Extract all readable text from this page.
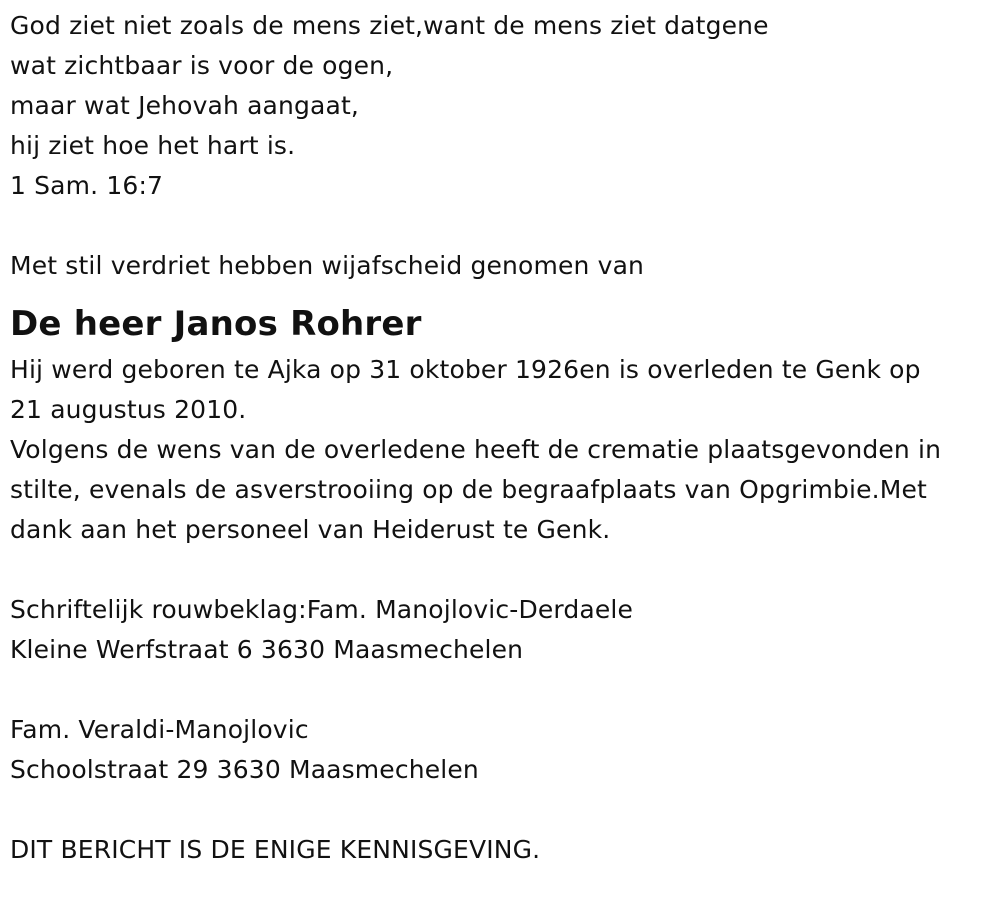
God ziet niet zoals de mens ziet,want de mens ziet datgene
wat zichtbaar is voor de ogen,
maar wat Jehovah aangaat,
hij ziet hoe het hart is.
1 Sam. 16:7
Met stil verdriet hebben wijafscheid genomen van
De heer Janos Rohrer
Hij werd geboren te Ajka op 31 oktober 1926en is overleden te Genk op
21 augustus 2010.
Volgens de wens van de overledene heeft de crematie plaatsgevonden in
stilte, evenals de asverstrooiing op de begraafplaats van Opgrimbie.Met
dank aan het personeel van Heiderust te Genk.
Schriftelijk rouwbeklag:Fam. Manojlovic-Derdaele
Kleine Werfstraat 6 3630 Maasmechelen
Fam. Veraldi-Manojlovic
Schoolstraat 29 3630 Maasmechelen
DIT BERICHT IS DE ENIGE KENNISGEVING.
